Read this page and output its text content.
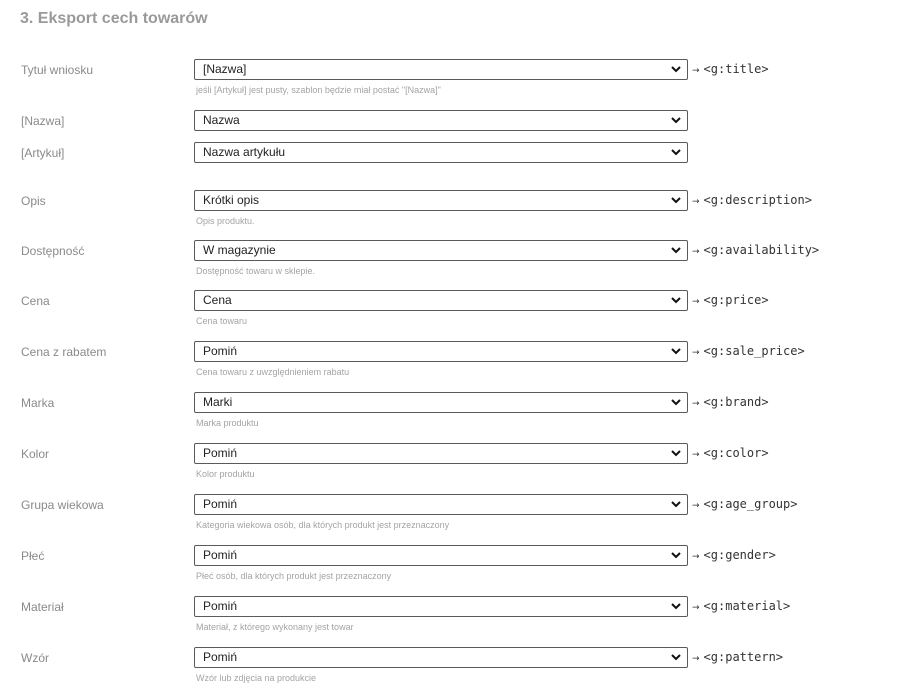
3. Eksport cech towarów
Tytuł wniosku	[Nazwa]	→ <g:title>
jeśli [Artykuł] jest pusty, szablon będzie miał postać "[Nazwa]"
[Nazwa]	Nazwa
[Artykuł]	Nazwa artykułu
Opis	Krótki opis	→ <g:description>
Opis produktu.
Dostępność	W magazynie	→ <g:availability>
Dostępność towaru w sklepie.
Cena	Cena	→ <g:price>
Cena towaru
Cena z rabatem	Pomiń	→ <g:sale_price>
Cena towaru z uwzględnieniem rabatu
Marka	Marki	→ <g:brand>
Marka produktu
Kolor	Pomiń	→ <g:color>
Kolor produktu
Grupa wiekowa	Pomiń	→ <g:age_group>
Kategoria wiekowa osób, dla których produkt jest przeznaczony
Płeć	Pomiń	→ <g:gender>
Płeć osób, dla których produkt jest przeznaczony
Materiał	Pomiń	→ <g:material>
Materiał, z którego wykonany jest towar
Wzór	Pomiń	→ <g:pattern>
Wzór lub zdjęcia na produkcie
